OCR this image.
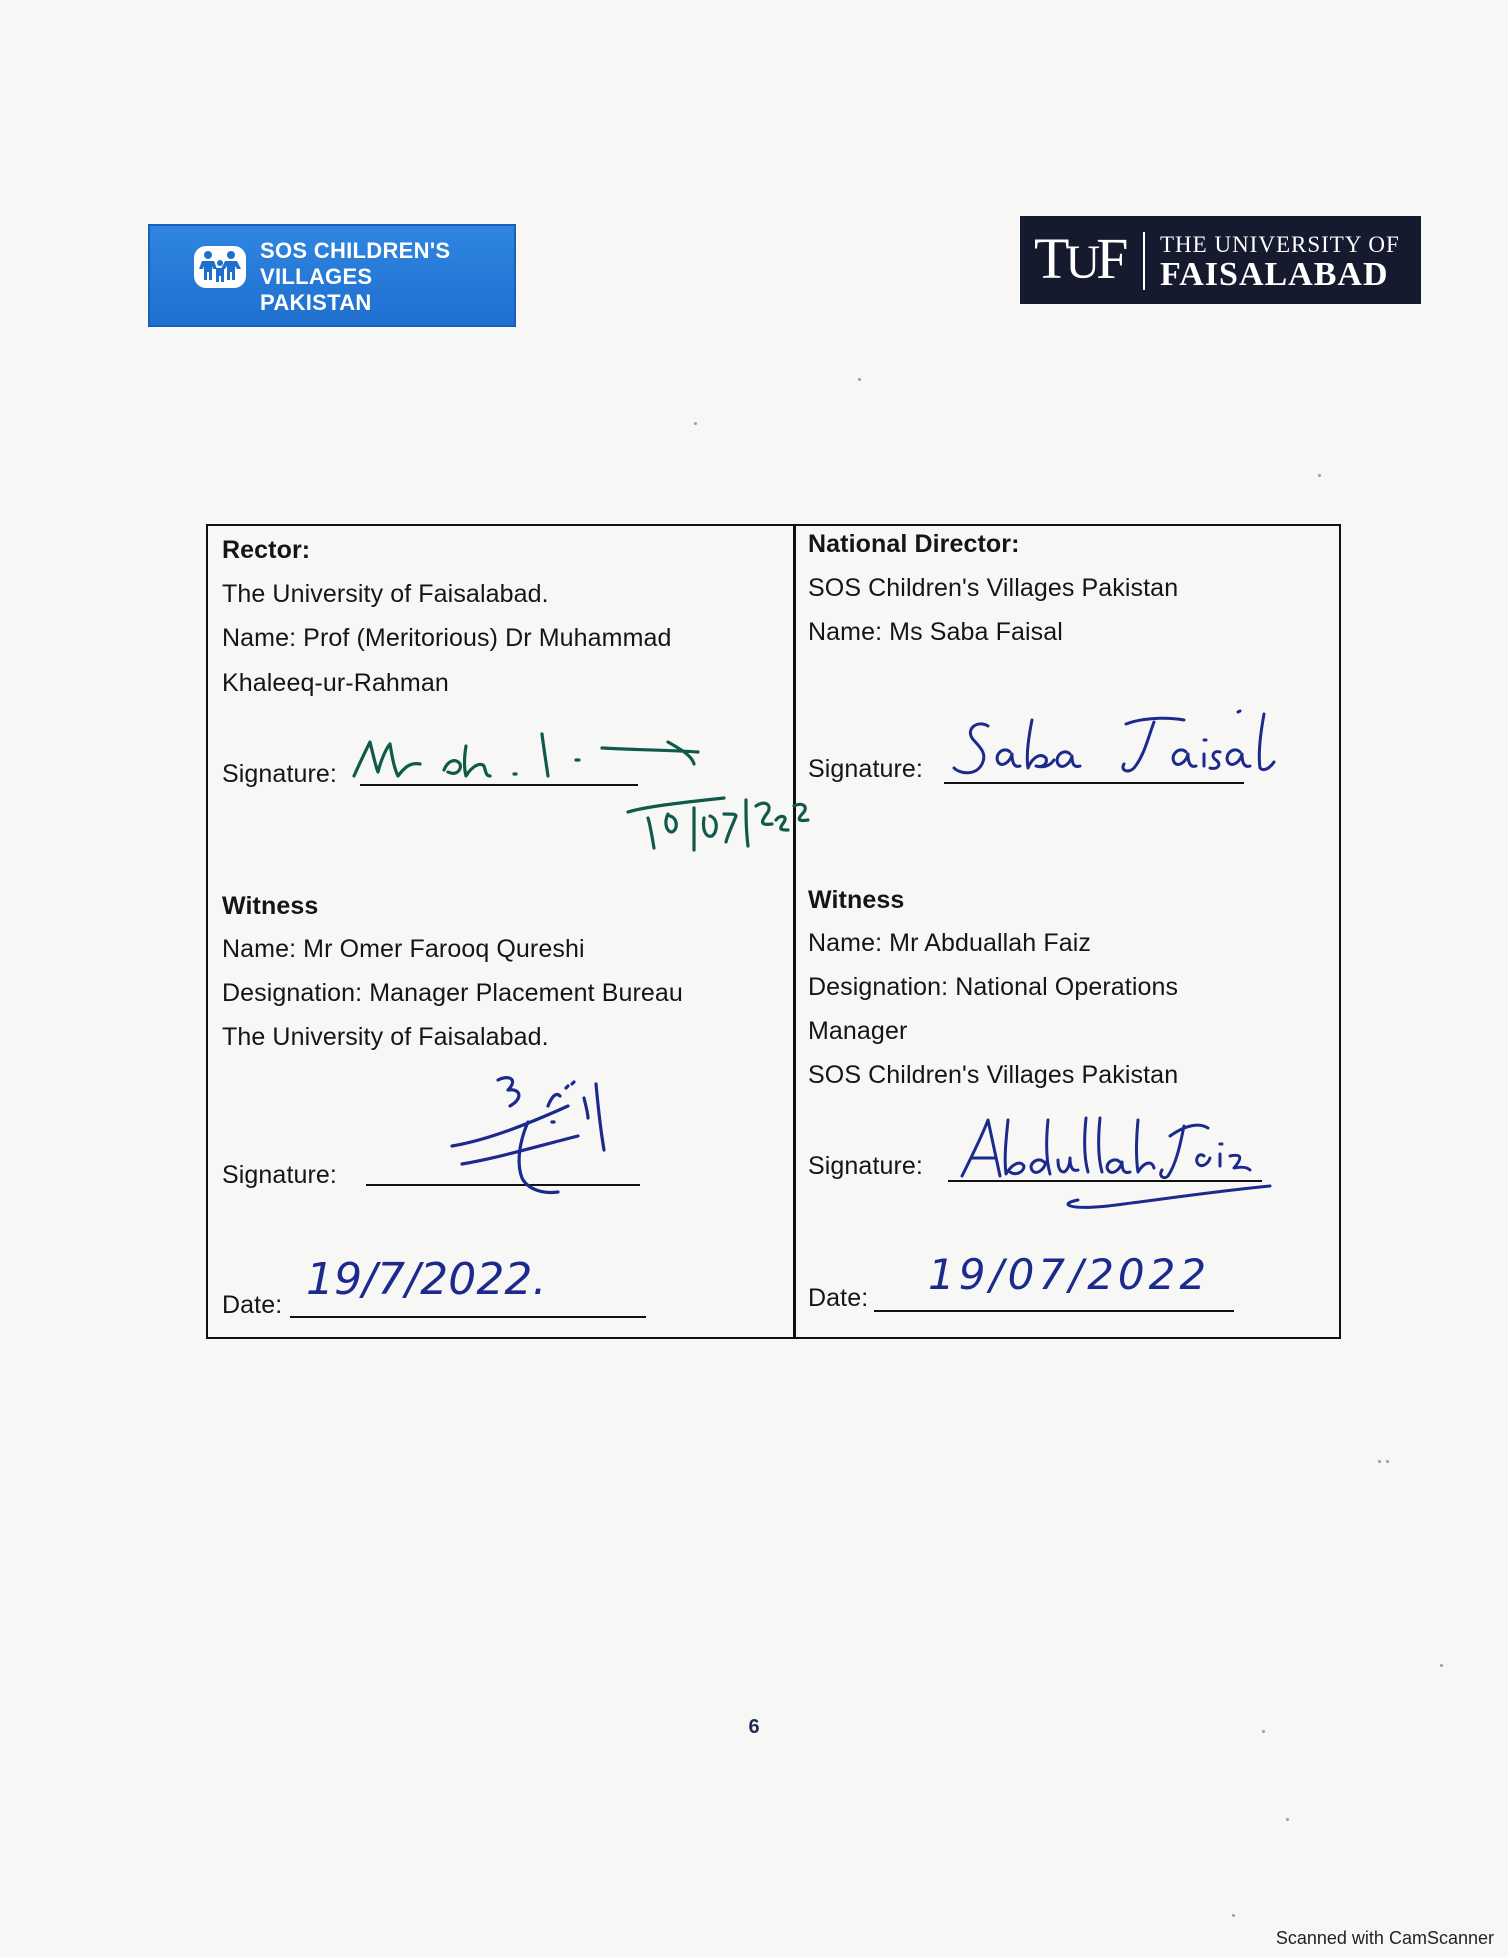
SOS CHILDREN'S
VILLAGES
PAKISTAN
TUF THE UNIVERSITY OF
FAISALABAD
Rector:
The University of Faisalabad.
Name: Prof (Meritorious) Dr Muhammad
Khaleeq-ur-Rahman
Signature:
Witness
Name: Mr Omer Farooq Qureshi
Designation: Manager Placement Bureau
The University of Faisalabad.
Signature:
Date: 19/7/2022.
National Director:
SOS Children's Villages Pakistan
Name: Ms Saba Faisal
Signature:
Witness
Name: Mr Abduallah Faiz
Designation: National Operations
Manager
SOS Children's Villages Pakistan
Signature:
Date: 19/07/2022
6
Scanned with CamScanner
